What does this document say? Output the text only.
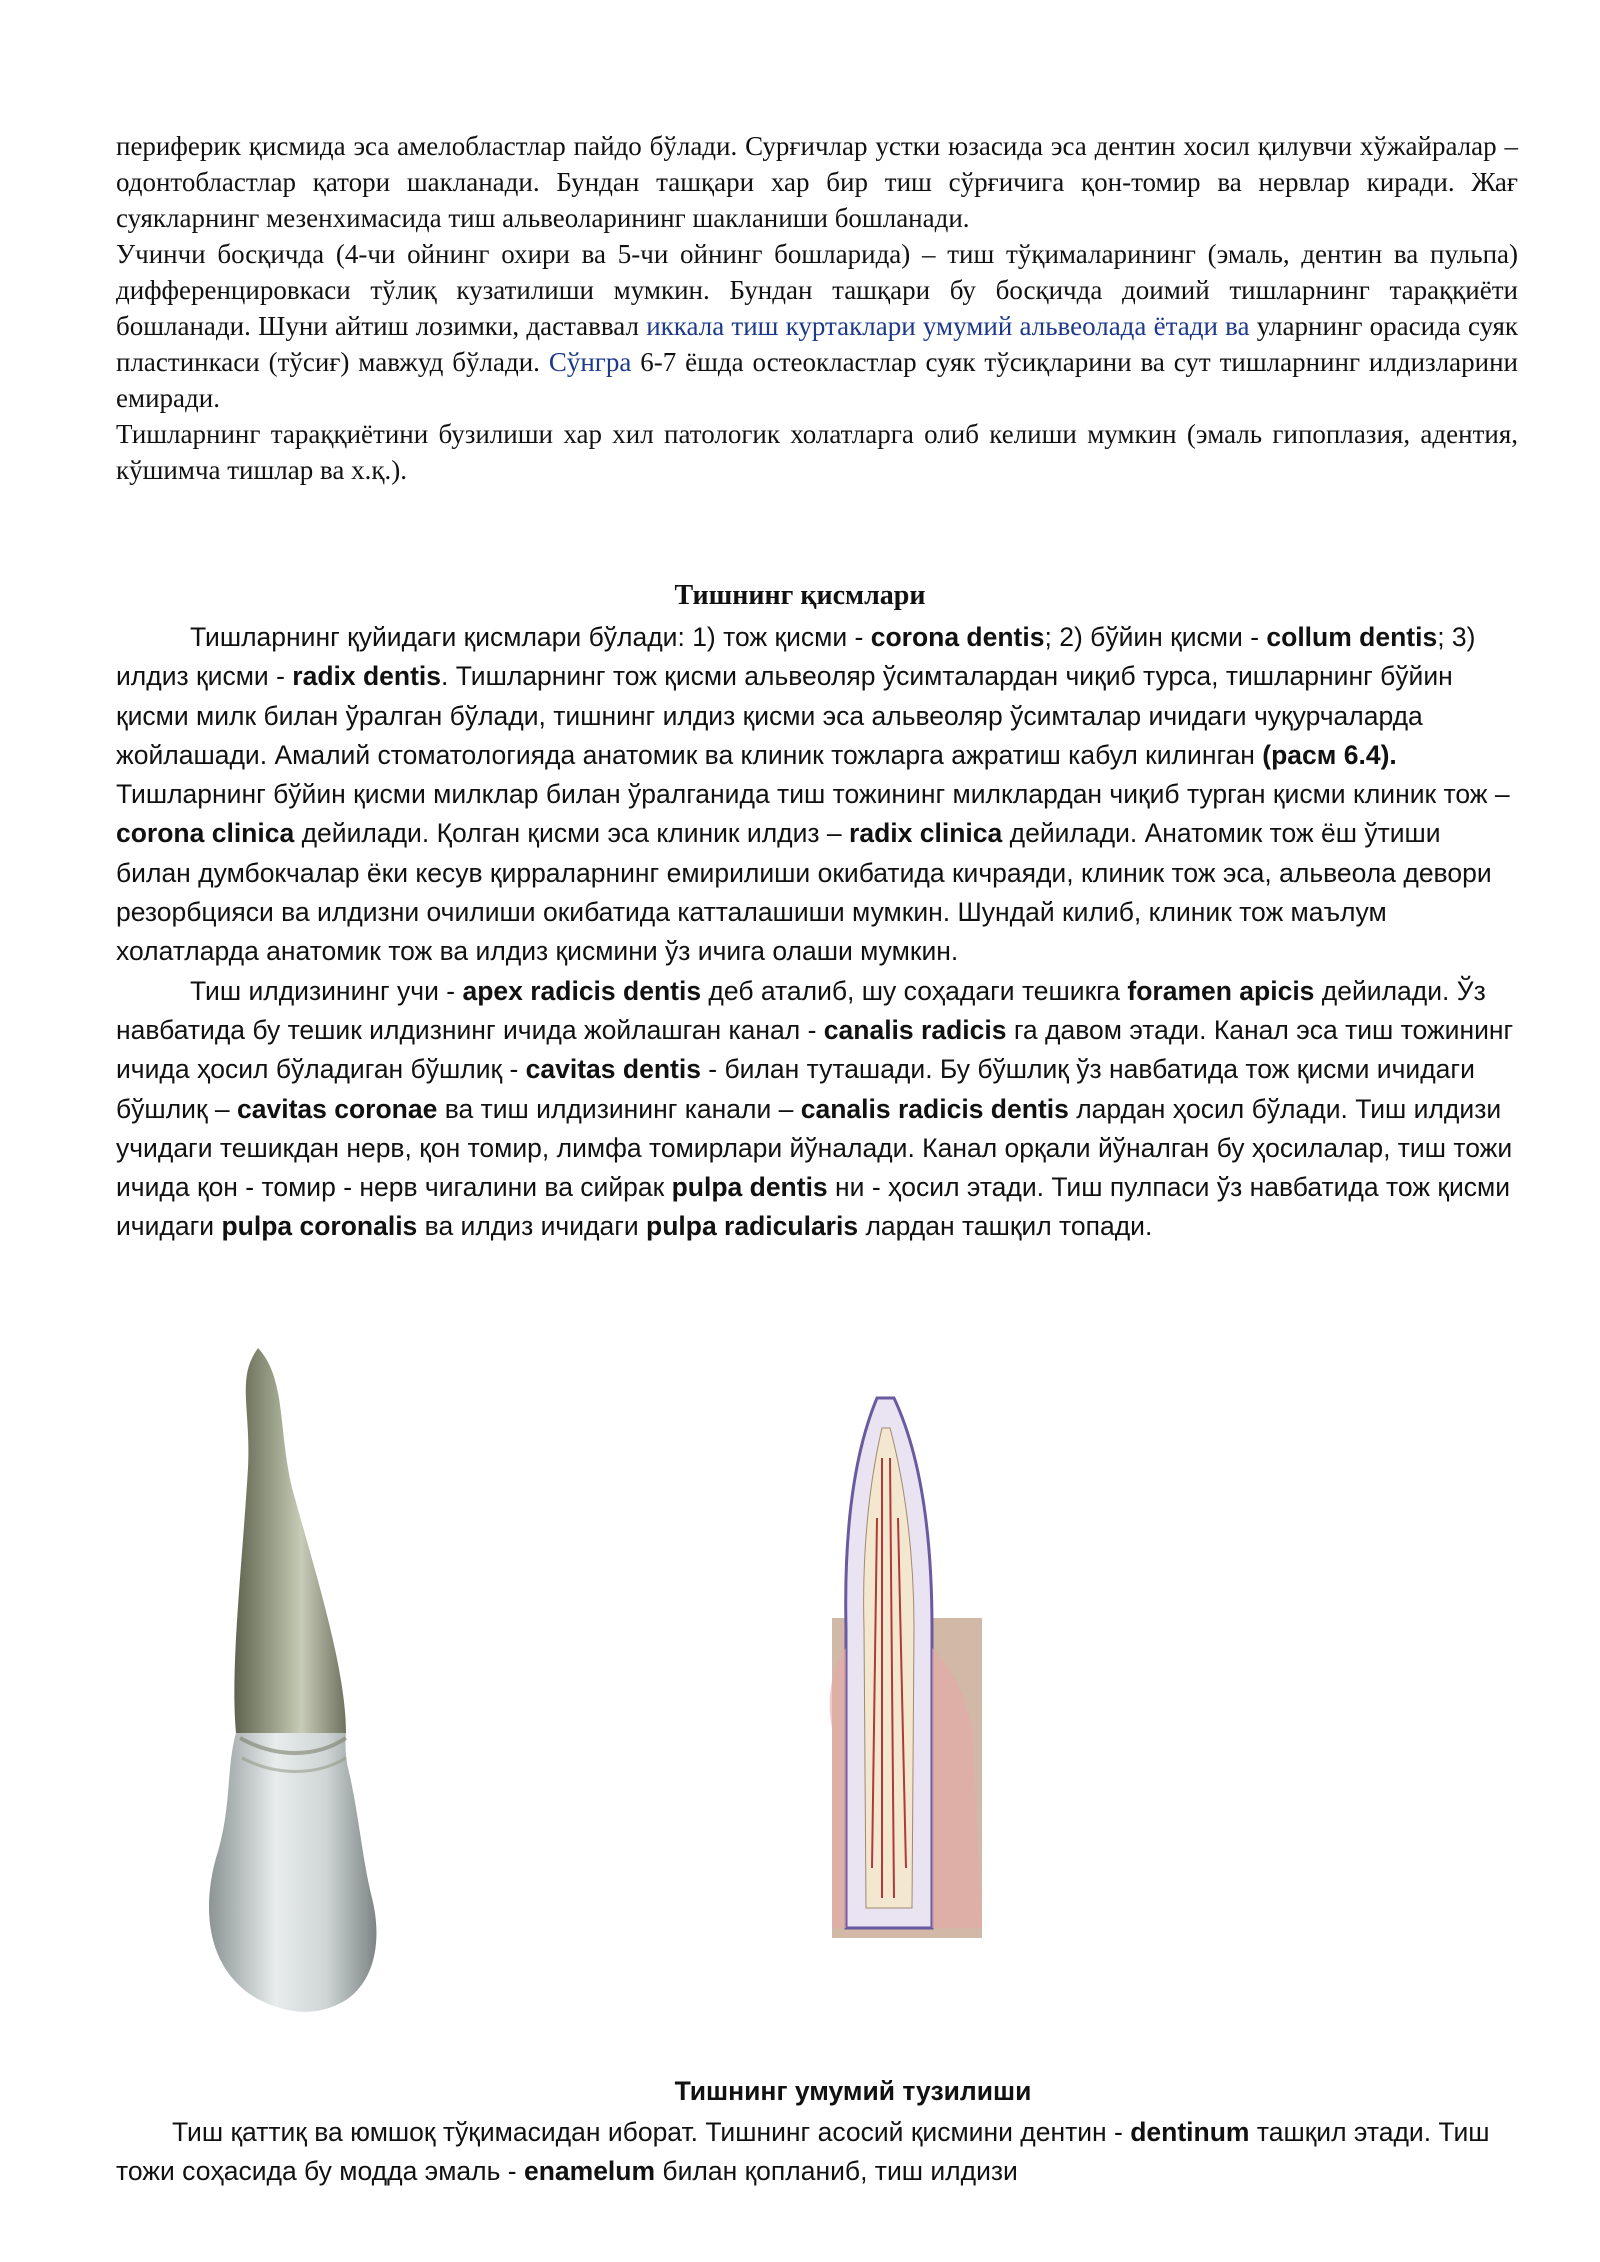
периферик қисмида эса амелобластлар пайдо бўлади. Сурғичлар устки юзасида эса дентин хосил қилувчи хўжайралар – одонтобластлар қатори шакланади. Бундан ташқари хар бир тиш сўрғичига қон-томир ва нервлар киради. Жағ суякларнинг мезенхимасида тиш альвеоларининг шакланиши бошланади.

Учинчи босқичда (4-чи ойнинг охири ва 5-чи ойнинг бошларида) – тиш тўқималарининг (эмаль, дентин ва пульпа) дифференцировкаси тўлиқ кузатилиши мумкин. Бундан ташқари бу босқичда доимий тишларнинг тараққиёти бошланади. Шуни айтиш лозимки, даставвал иккала тиш куртаклари умумий альвеолада ётади ва уларнинг орасида суяк пластинкаси (тўсиғ) мавжуд бўлади. Сўнгра 6-7 ёшда остеокластлар суяк тўсиқларини ва сут тишларнинг илдизларини емиради.

Тишларнинг тараққиётини бузилиши хар хил патологик холатларга олиб келиши мумкин (эмаль гипоплазия, адентия, кўшимча тишлар ва х.қ.).

Тишнинг қисмлари

Тишларнинг қуйидаги қисмлари бўлади: 1) тож қисми - corona dentis; 2) бўйин қисми - collum dentis; 3) илдиз қисми - radix dentis. Тишларнинг тож қисми альвеоляр ўсимталардан чиқиб турса, тишларнинг бўйин қисми милк билан ўралган бўлади, тишнинг илдиз қисми эса альвеоляр ўсимталар ичидаги чуқурчаларда жойлашади. Амалий стоматологияда анатомик ва клиник тожларга ажратиш кабул килинган (расм 6.4). Тишларнинг бўйин қисми милклар билан ўралганида тиш тожининг милклардан чиқиб турган қисми клиник тож – corona clinica дейилади. Қолган қисми эса клиник илдиз – radix clinica дейилади. Анатомик тож ёш ўтиши билан думбокчалар ёки кесув қирраларнинг емирилиши окибатида кичраяди, клиник тож эса, альвеола девори резорбцияси ва илдизни очилиши окибатида катталашиши мумкин. Шундай килиб, клиник тож маълум холатларда анатомик тож ва илдиз қисмини ўз ичига олаши мумкин.

Тиш илдизининг учи - apex radicis dentis деб аталиб, шу соҳадаги тешикга foramen apicis дейилади. Ўз навбатида бу тешик илдизнинг ичида жойлашган канал - canalis radicis га давом этади. Канал эса тиш тожининг ичида ҳосил бўладиган бўшлиқ - cavitas dentis - билан туташади. Бу бўшлиқ ўз навбатида тож қисми ичидаги бўшлиқ – cavitas coronae ва тиш илдизининг канали – canalis radicis dentis лардан ҳосил бўлади. Тиш илдизи учидаги тешикдан нерв, қон томир, лимфа томирлари йўналади. Канал орқали йўналган бу ҳосилалар, тиш тожи ичида қон - томир - нерв чигалини ва сийрак pulpa dentis ни - ҳосил этади. Тиш пулпаси ўз навбатида тож қисми ичидаги pulpa coronalis ва илдиз ичидаги pulpa radicularis лардан ташқил топади.

Тишнинг умумий тузилиши

Тиш қаттиқ ва юмшоқ тўқимасидан иборат. Тишнинг асосий қисмини дентин - dentinum ташқил этади. Тиш тожи соҳасида бу модда эмаль - enamelum билан қопланиб, тиш илдизи
